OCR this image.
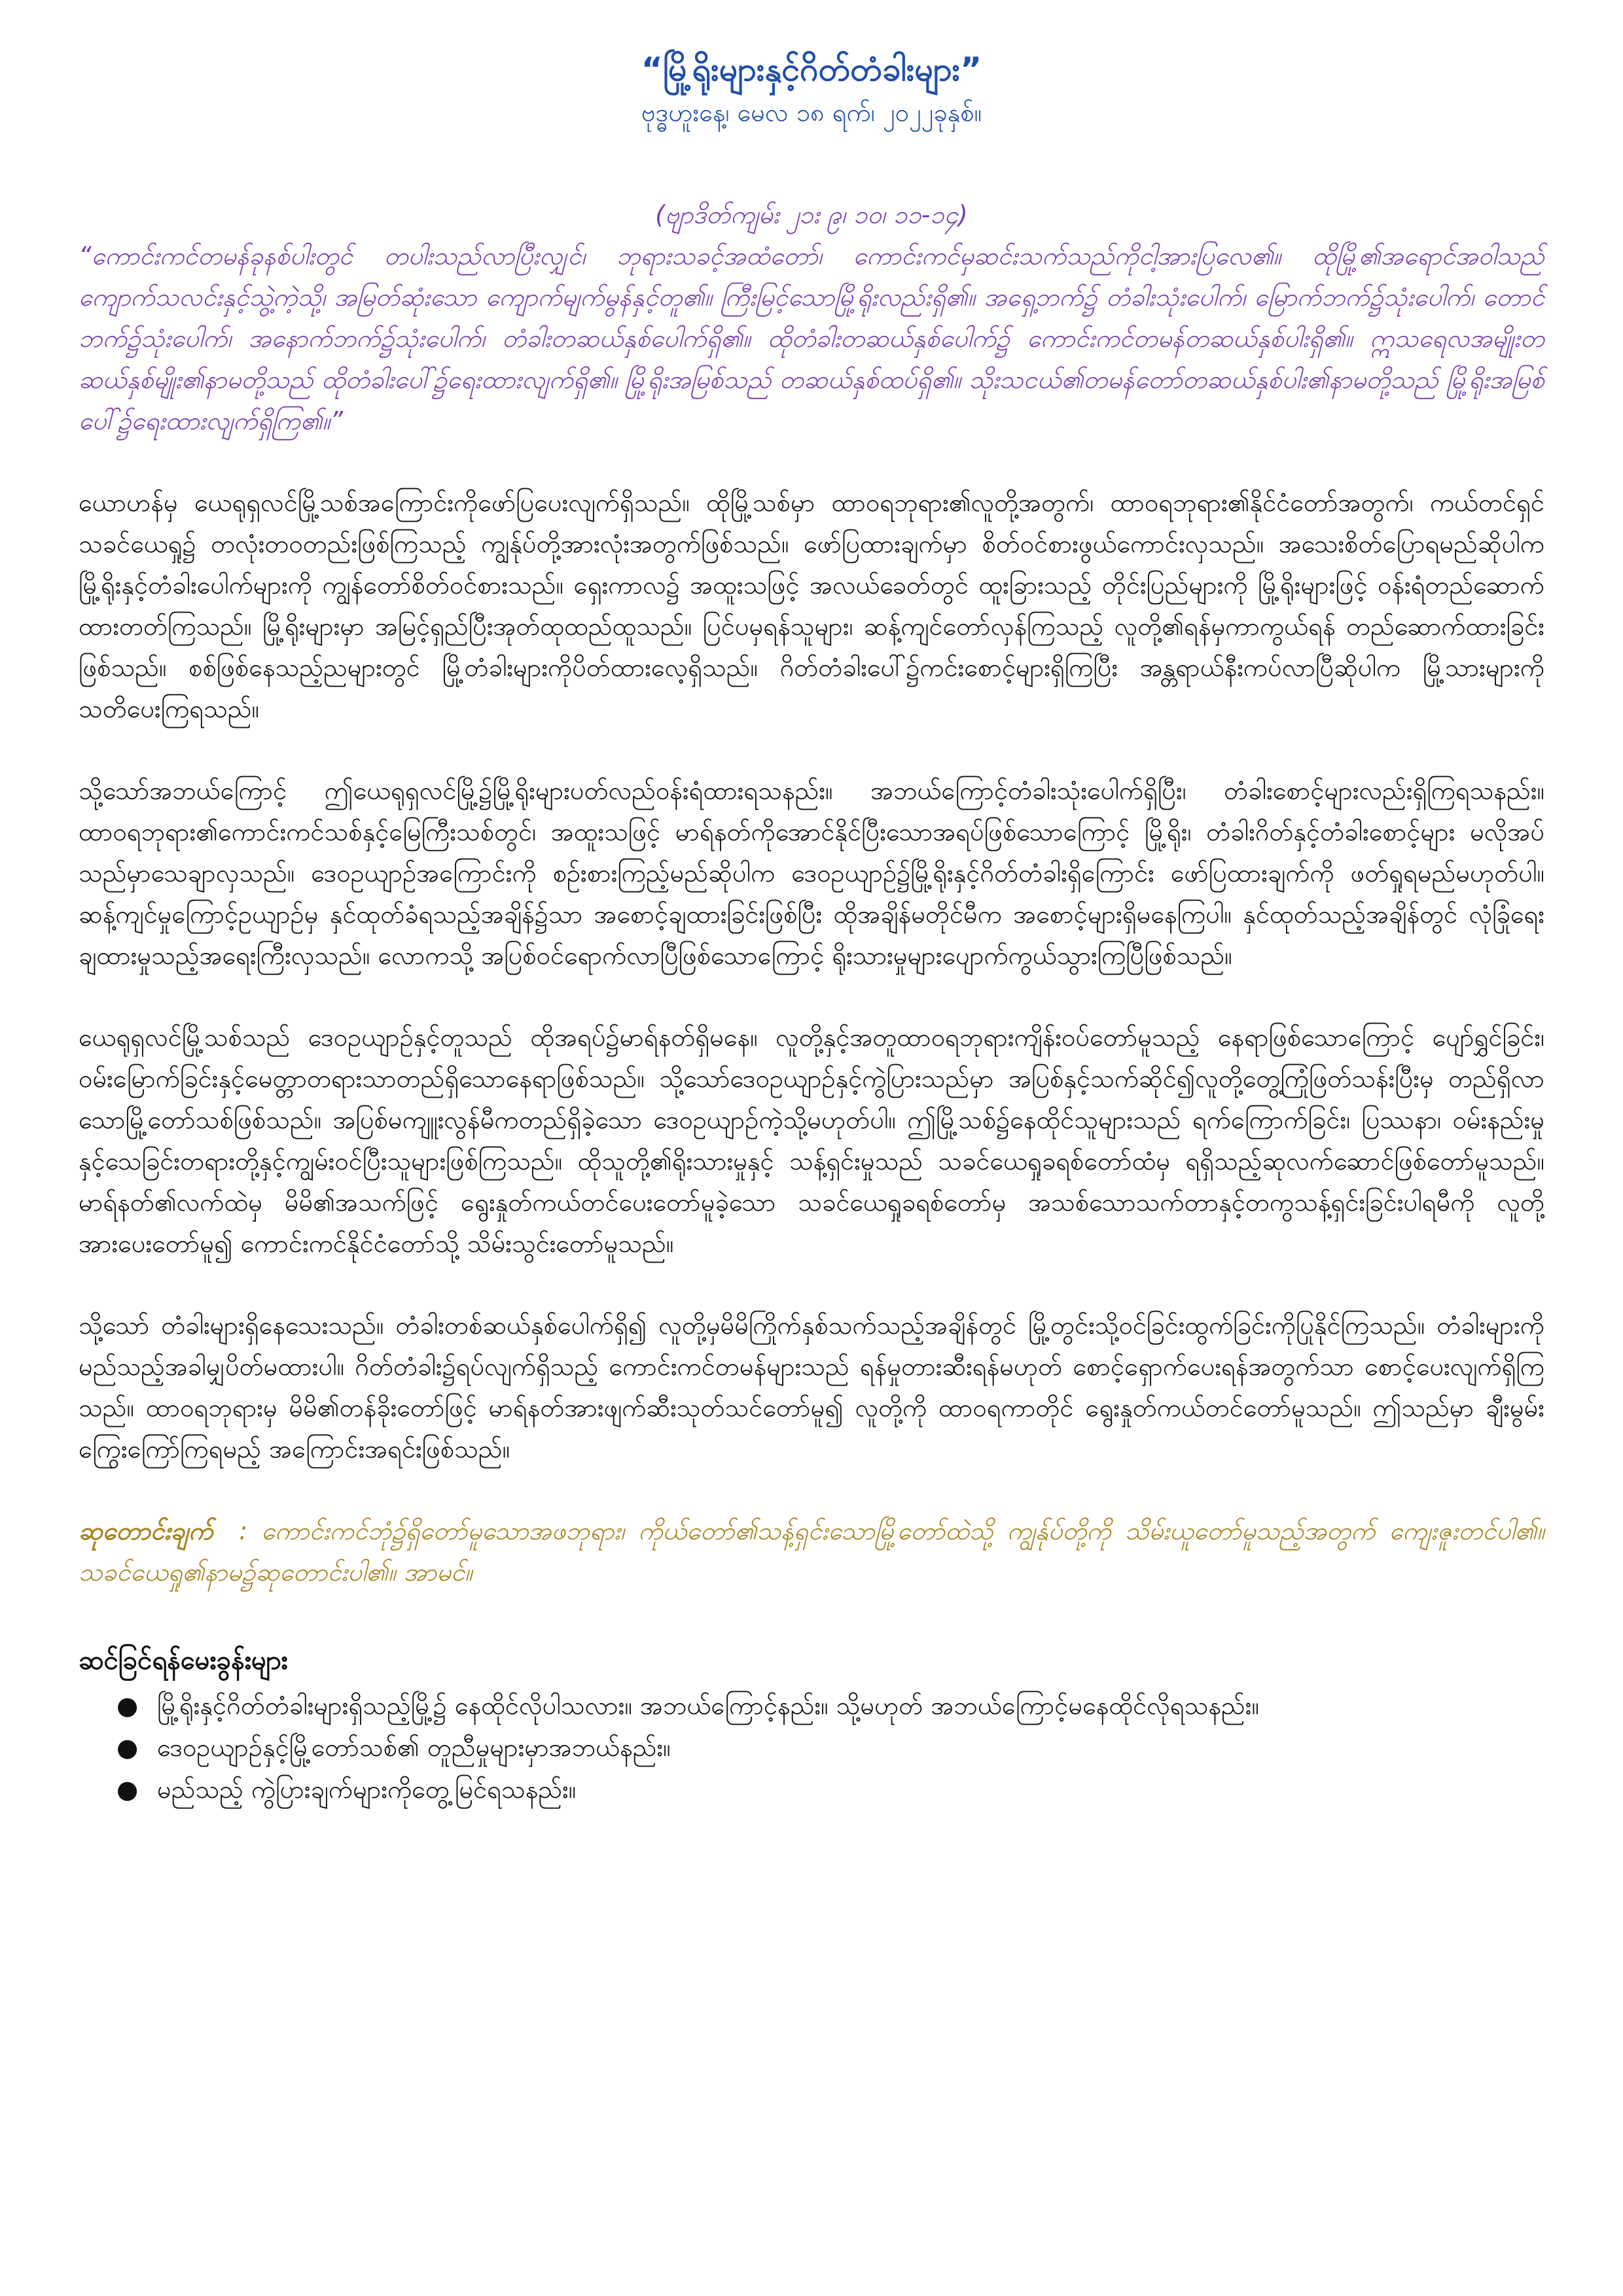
“မြို့ရိုးများနှင့်ဂိတ်တံခါးများ”

ဗုဒ္ဓဟူးနေ့၊ မေလ ၁၈ ရက်၊ ၂၀၂၂ခုနှစ်။

(ဗျာဒိတ်ကျမ်း ၂၁း ၉၊ ၁၀၊ ၁၁-၁၄)

“ကောင်းကင်တမန်ခုနစ်ပါးတွင် တပါးသည်လာပြီးလျှင်၊ ဘုရားသခင့်အထံတော်၊ ကောင်းကင်မှဆင်းသက်သည်ကိုငါ့အားပြလေ၏။ ထိုမြို့၏အရောင်အဝါသည် ကျောက်သလင်းနှင့်သွဲ့ကဲ့သို့၊ အမြတ်ဆုံးသော ကျောက်မျက်မွန်နှင့်တူ၏။ ကြီးမြင့်သောမြို့ရိုးလည်းရှိ၏။ အရှေ့ဘက်၌ တံခါးသုံးပေါက်၊ မြောက်ဘက်၌သုံးပေါက်၊ တောင်ဘက်၌သုံးပေါက်၊ အနောက်ဘက်၌သုံးပေါက်၊ တံခါးတဆယ်နှစ်ပေါက်ရှိ၏။ ထိုတံခါးတဆယ်နှစ်ပေါက်၌ ကောင်းကင်တမန်တဆယ်နှစ်ပါးရှိ၏။ ဣသရေလအမျိုးတဆယ်နှစ်မျိုး၏နာမတို့သည် ထိုတံခါးပေါ်၌ရေးထားလျက်ရှိ၏။ မြို့ရိုးအမြစ်သည် တဆယ်နှစ်ထပ်ရှိ၏။ သိုးသငယ်၏တမန်တော်တဆယ်နှစ်ပါး၏နာမတို့သည် မြို့ရိုးအမြစ်ပေါ်၌ရေးထားလျက်ရှိကြ၏။”

ယောဟန်မှ ယေရုရှလင်မြို့သစ်အကြောင်းကိုဖော်ပြပေးလျက်ရှိသည်။ ထိုမြို့သစ်မှာ ထာဝရဘုရား၏လူတို့အတွက်၊ ထာဝရဘုရား၏နိုင်ငံတော်အတွက်၊ ကယ်တင်ရှင်သခင်ယေရှု၌ တလုံးတဝတည်းဖြစ်ကြသည့် ကျွန်ုပ်တို့အားလုံးအတွက်ဖြစ်သည်။ ဖော်ပြထားချက်မှာ စိတ်ဝင်စားဖွယ်ကောင်းလှသည်။ အသေးစိတ်ပြောရမည်ဆိုပါက မြို့ရိုးနှင့်တံခါးပေါက်များကို ကျွန်တော်စိတ်ဝင်စားသည်။ ရှေးကာလ၌ အထူးသဖြင့် အလယ်ခေတ်တွင် ထူးခြားသည့် တိုင်းပြည်များကို မြို့ရိုးများဖြင့် ဝန်းရံတည်ဆောက်ထားတတ်ကြသည်။ မြို့ရိုးများမှာ အမြင့်ရှည်ပြီးအုတ်ထုထည်ထူသည်။ ပြင်ပမှရန်သူများ၊ ဆန့်ကျင်တော်လှန်ကြသည့် လူတို့၏ရန်မှကာကွယ်ရန် တည်ဆောက်ထားခြင်းဖြစ်သည်။ စစ်ဖြစ်နေသည့်ညများတွင် မြို့တံခါးများကိုပိတ်ထားလေ့ရှိသည်။ ဂိတ်တံခါးပေါ်၌ကင်းစောင့်များရှိကြပြီး အန္တရာယ်နီးကပ်လာပြီဆိုပါက မြို့သားများကို သတိပေးကြရသည်။

သို့သော်အဘယ်ကြောင့် ဤယေရုရှလင်မြို့၌မြို့ရိုးများပတ်လည်ဝန်းရံထားရသနည်း။ အဘယ်ကြောင့်တံခါးသုံးပေါက်ရှိပြီး၊ တံခါးစောင့်များလည်းရှိကြရသနည်း။ ထာဝရဘုရား၏ကောင်းကင်သစ်နှင့်မြေကြီးသစ်တွင်၊ အထူးသဖြင့် မာရ်နတ်ကိုအောင်နိုင်ပြီးသောအရပ်ဖြစ်သောကြောင့် မြို့ရိုး၊ တံခါးဂိတ်နှင့်တံခါးစောင့်များ မလိုအပ်သည်မှာသေချာလှသည်။ ဒေဝဥယျာဉ်အကြောင်းကို စဉ်းစားကြည့်မည်ဆိုပါက ဒေဝဥယျာဉ်၌မြို့ရိုးနှင့်ဂိတ်တံခါးရှိကြောင်း ဖော်ပြထားချက်ကို ဖတ်ရှုရမည်မဟုတ်ပါ။ ဆန့်ကျင်မှုကြောင့်ဥယျာဉ်မှ နှင်ထုတ်ခံရသည့်အချိန်၌သာ အစောင့်ချထားခြင်းဖြစ်ပြီး ထိုအချိန်မတိုင်မီက အစောင့်များရှိမနေကြပါ။ နှင်ထုတ်သည့်အချိန်တွင် လုံခြုံရေးချထားမှုသည့်အရေးကြီးလှသည်။ လောကသို့ အပြစ်ဝင်ရောက်လာပြီဖြစ်သောကြောင့် ရိုးသားမှုများပျောက်ကွယ်သွားကြပြီဖြစ်သည်။

ယေရုရှလင်မြို့သစ်သည် ဒေဝဥယျာဉ်နှင့်တူသည် ထိုအရပ်၌မာရ်နတ်ရှိမနေ။ လူတို့နှင့်အတူထာဝရဘုရားကျိန်းဝပ်တော်မူသည့် နေရာဖြစ်သောကြောင့် ပျော်ရွှင်ခြင်း၊ ဝမ်းမြောက်ခြင်းနှင့်မေတ္တာတရားသာတည်ရှိသောနေရာဖြစ်သည်။ သို့သော်ဒေဝဥယျာဉ်နှင့်ကွဲပြားသည်မှာ အပြစ်နှင့်သက်ဆိုင်၍လူတို့တွေ့ကြုံဖြတ်သန်းပြီးမှ တည်ရှိလာသောမြို့တော်သစ်ဖြစ်သည်။ အပြစ်မကျူးလွန်မီကတည်ရှိခဲ့သော ဒေဝဥယျာဉ်ကဲ့သို့မဟုတ်ပါ။ ဤမြို့သစ်၌နေထိုင်သူများသည် ရက်ကြောက်ခြင်း၊ ပြဿနာ၊ ဝမ်းနည်းမှုနှင့်သေခြင်းတရားတို့နှင့်ကျွမ်းဝင်ပြီးသူများဖြစ်ကြသည်။ ထိုသူတို့၏ရိုးသားမှုနှင့် သန့်ရှင်းမှုသည် သခင်ယေရှုခရစ်တော်ထံမှ ရရှိသည့်ဆုလက်ဆောင်ဖြစ်တော်မူသည်။ မာရ်နတ်၏လက်ထဲမှ မိမိ၏အသက်ဖြင့် ရွေးနှုတ်ကယ်တင်ပေးတော်မူခဲ့သော သခင်ယေရှုခရစ်တော်မှ အသစ်သောသက်တာနှင့်တကွသန့်ရှင်းခြင်းပါရမီကို လူတို့အားပေးတော်မူ၍ ကောင်းကင်နိုင်ငံတော်သို့ သိမ်းသွင်းတော်မူသည်။

သို့သော် တံခါးများရှိနေသေးသည်။ တံခါးတစ်ဆယ်နှစ်ပေါက်ရှိ၍ လူတို့မှမိမိကြိုက်နှစ်သက်သည့်အချိန်တွင် မြို့တွင်းသို့ဝင်ခြင်းထွက်ခြင်းကိုပြုနိုင်ကြသည်။ တံခါးများကိုမည်သည့်အခါမျှပိတ်မထားပါ။ ဂိတ်တံခါး၌ရပ်လျက်ရှိသည့် ကောင်းကင်တမန်များသည် ရန်မှုတားဆီးရန်မဟုတ် စောင့်ရှောက်ပေးရန်အတွက်သာ စောင့်ပေးလျက်ရှိကြသည်။ ထာဝရဘုရားမှ မိမိ၏တန်ခိုးတော်ဖြင့် မာရ်နတ်အားဖျက်ဆီးသုတ်သင်တော်မူ၍ လူတို့ကို ထာဝရကာတိုင် ရွေးနှုတ်ကယ်တင်တော်မူသည်။ ဤသည်မှာ ချီးမွမ်းကြွေးကြော်ကြရမည့် အကြောင်းအရင်းဖြစ်သည်။

ဆုတောင်းချက် : ကောင်းကင်ဘုံ၌ရှိတော်မူသောအဖဘုရား၊ ကိုယ်တော်၏သန့်ရှင်းသောမြို့တော်ထဲသို့ ကျွန်ုပ်တို့ကို သိမ်းယူတော်မူသည့်အတွက် ကျေးဇူးတင်ပါ၏။ သခင်ယေရှု၏နာမ၌ဆုတောင်းပါ၏။ အာမင်။

ဆင်ခြင်ရန်မေးခွန်းများ
● မြို့ရိုးနှင့်ဂိတ်တံခါးများရှိသည့်မြို့၌ နေထိုင်လိုပါသလား။ အဘယ်ကြောင့်နည်း။ သို့မဟုတ် အဘယ်ကြောင့်မနေထိုင်လိုရသနည်း။
● ဒေဝဥယျာဉ်နှင့်မြို့တော်သစ်၏ တူညီမှုများမှာအဘယ်နည်း။
● မည်သည့် ကွဲပြားချက်များကိုတွေ့မြင်ရသနည်း။
